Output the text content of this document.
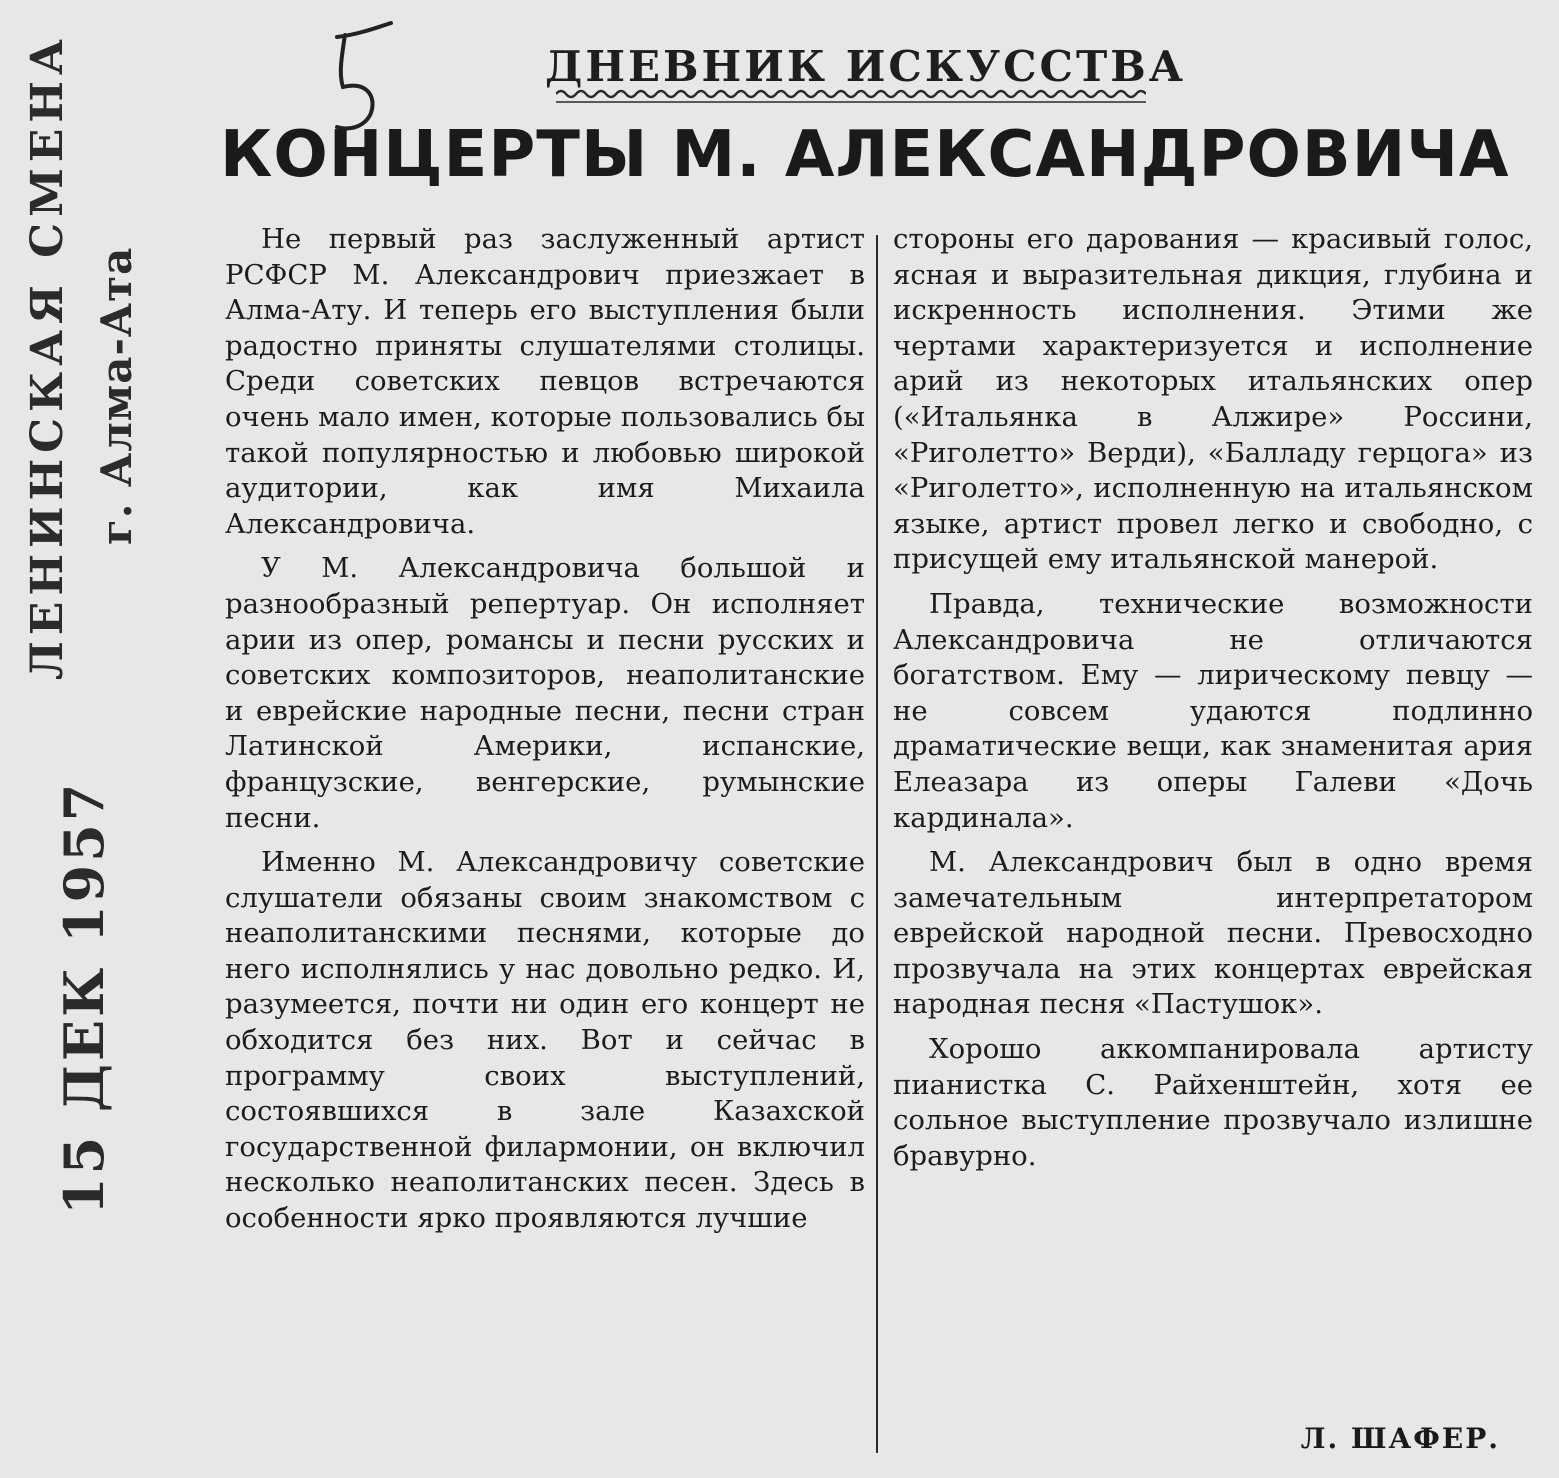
ЛЕНИНСКАЯ СМЕНА г. Алма-Ата
15 ДЕК 1957
ДНЕВНИК ИСКУССТВА
КОНЦЕРТЫ М. АЛЕКСАНДРОВИЧА

Не первый раз заслуженный артист РСФСР М. Александрович приезжает в Алма-Ату. И теперь его выступления были радостно приняты слушателями столицы. Среди советских певцов встречаются очень мало имен, которые пользовались бы такой популярностью и любовью широкой аудитории, как имя Михаила Александровича.

У М. Александровича большой и разнообразный репертуар. Он исполняет арии из опер, романсы и песни русских и советских композиторов, неаполитанские и еврейские народные песни, песни стран Латинской Америки, испанские, французские, венгерские, румынские песни.

Именно М. Александровичу советские слушатели обязаны своим знакомством с неаполитанскими песнями, которые до него исполнялись у нас довольно редко. И, разумеется, почти ни один его концерт не обходится без них. Вот и сейчас в программу своих выступлений, состоявшихся в зале Казахской государственной филармонии, он включил несколько неаполитанских песен. Здесь в особенности ярко проявляются лучшие

стороны его дарования — красивый голос, ясная и выразительная дикция, глубина и искренность исполнения. Этими же чертами характеризуется и исполнение арий из некоторых итальянских опер («Итальянка в Алжире» Россини, «Риголетто» Верди), «Балладу герцога» из «Риголетто», исполненную на итальянском языке, артист провел легко и свободно, с присущей ему итальянской манерой.

Правда, технические возможности Александровича не отличаются богатством. Ему — лирическому певцу — не совсем удаются подлинно драматические вещи, как знаменитая ария Елеазара из оперы Галеви «Дочь кардинала».

М. Александрович был в одно время замечательным интерпретатором еврейской народной песни. Превосходно прозвучала на этих концертах еврейская народная песня «Пастушок».

Хорошо аккомпанировала артисту пианистка С. Райхенштейн, хотя ее сольное выступление прозвучало излишне бравурно.

Л. ШАФЕР.
